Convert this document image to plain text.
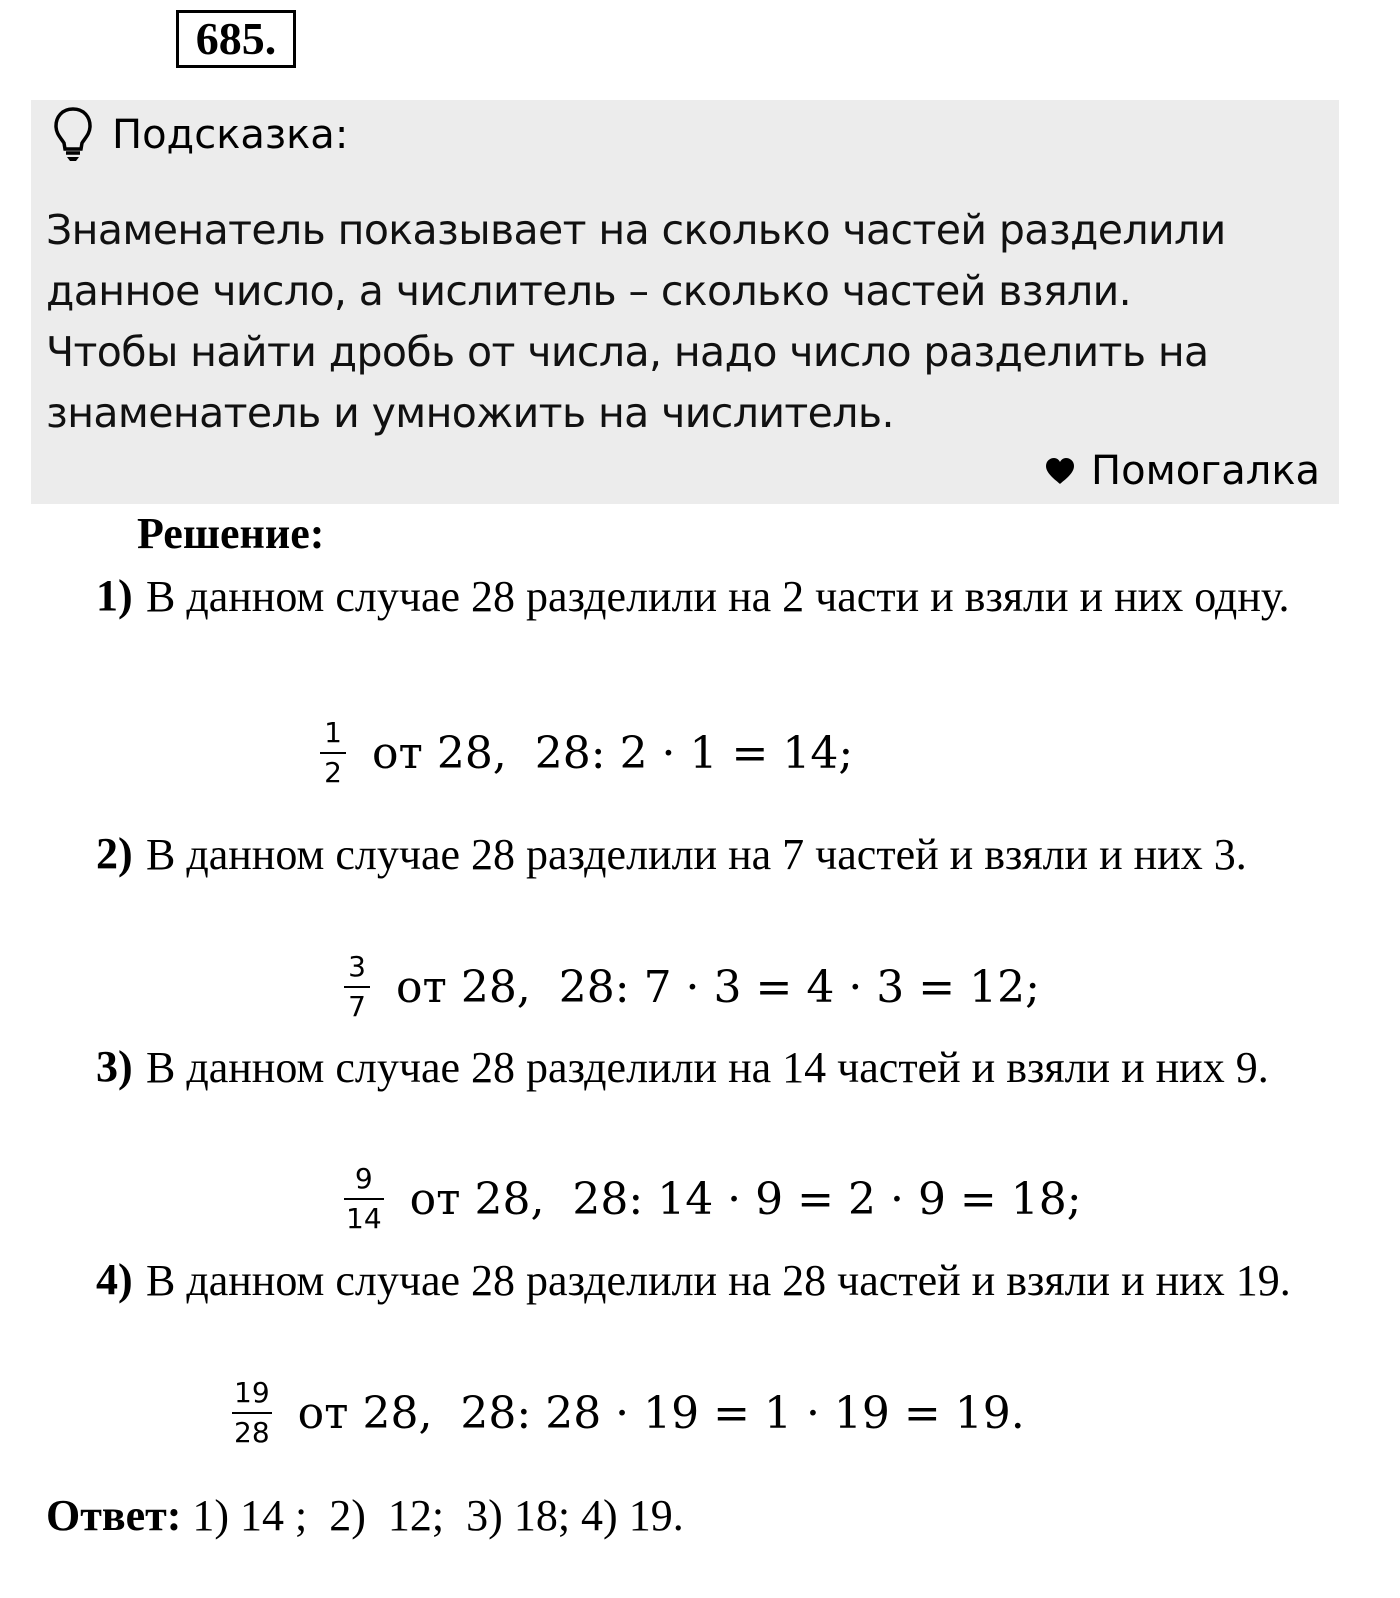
685.
Подсказка:

Знаменатель показывает на сколько частей разделили
данное число, а числитель – сколько частей взяли.
Чтобы найти дробь от числа, надо число разделить на
знаменатель и умножить на числитель.

Помогалка
Решение:
1) В данном случае 28 разделили на 2 части и взяли и них одну.

$\frac{1}{2}$ от 28,  28: 2 · 1 = 14;
2) В данном случае 28 разделили на 7 частей и взяли и них 3.

$\frac{3}{7}$ от 28,  28: 7 · 3 = 4 · 3 = 12;
3) В данном случае 28 разделили на 14 частей и взяли и них 9.

$\frac{9}{14}$ от 28,  28: 14 · 9 = 2 · 9 = 18;
4) В данном случае 28 разделили на 28 частей и взяли и них 19.

$\frac{19}{28}$ от 28,  28: 28 · 19 = 1 · 19 = 19.
Ответ: 1) 14 ;  2)  12;  3) 18; 4) 19.
